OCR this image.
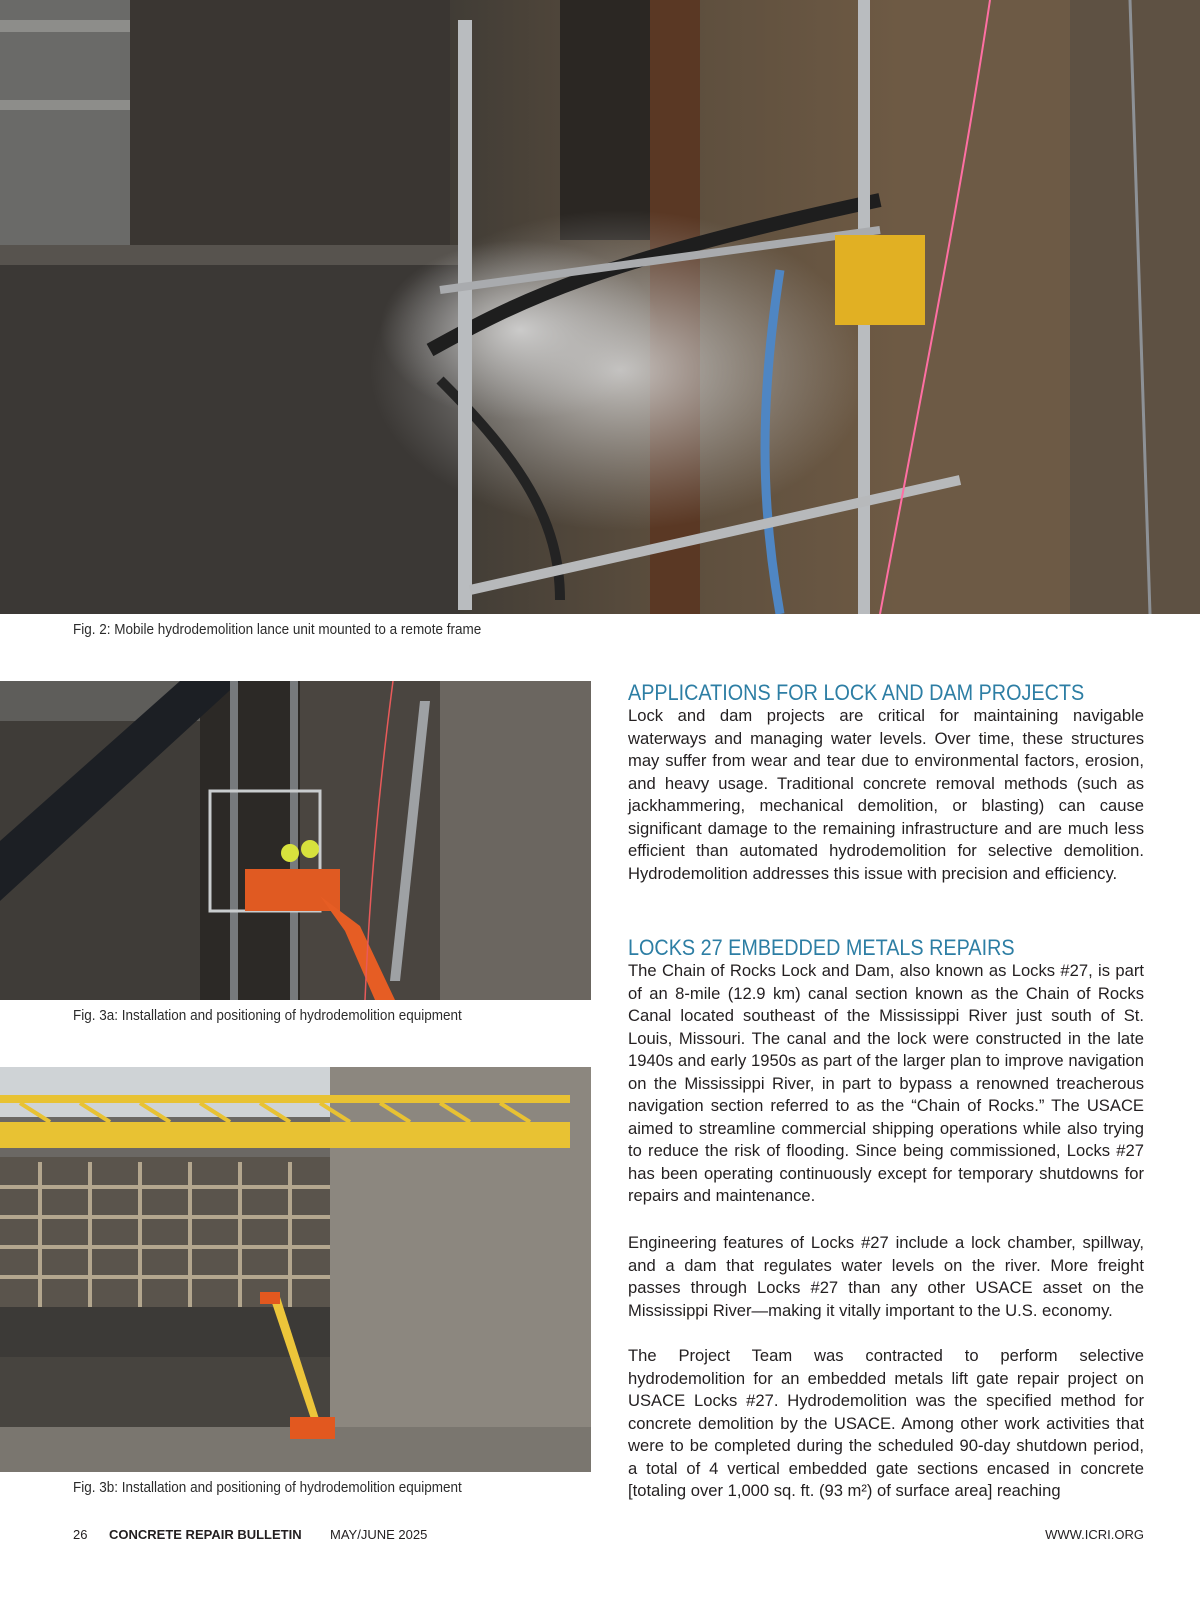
Fig. 2: Mobile hydrodemolition lance unit mounted to a remote frame
Fig. 3a: Installation and positioning of hydrodemolition equipment
Fig. 3b: Installation and positioning of hydrodemolition equipment
APPLICATIONS FOR LOCK AND DAM PROJECTS

Lock and dam projects are critical for maintaining navigable waterways and managing water levels. Over time, these structures may suffer from wear and tear due to environmental factors, erosion, and heavy usage. Traditional concrete removal methods (such as jackhammering, mechanical demolition, or blasting) can cause significant damage to the remaining infrastructure and are much less efficient than automated hydrodemolition for selective demolition. Hydrodemolition addresses this issue with precision and efficiency.

LOCKS 27 EMBEDDED METALS REPAIRS

The Chain of Rocks Lock and Dam, also known as Locks #27, is part of an 8-mile (12.9 km) canal section known as the Chain of Rocks Canal located southeast of the Mississippi River just south of St. Louis, Missouri. The canal and the lock were constructed in the late 1940s and early 1950s as part of the larger plan to improve navigation on the Mississippi River, in part to bypass a renowned treacherous navigation section referred to as the “Chain of Rocks.” The USACE aimed to streamline commercial shipping operations while also trying to reduce the risk of flooding. Since being commissioned, Locks #27 has been operating continuously except for temporary shutdowns for repairs and maintenance.

Engineering features of Locks #27 include a lock chamber, spillway, and a dam that regulates water levels on the river. More freight passes through Locks #27 than any other USACE asset on the Mississippi River—making it vitally important to the U.S. economy.

The Project Team was contracted to perform selective hydrodemolition for an embedded metals lift gate repair project on USACE Locks #27. Hydrodemolition was the specified method for concrete demolition by the USACE. Among other work activities that were to be completed during the scheduled 90-day shutdown period, a total of 4 vertical embedded gate sections encased in concrete [totaling over 1,000 sq. ft. (93 m²) of surface area] reaching

26 CONCRETE REPAIR BULLETIN MAY/JUNE 2025	WWW.ICRI.ORG
